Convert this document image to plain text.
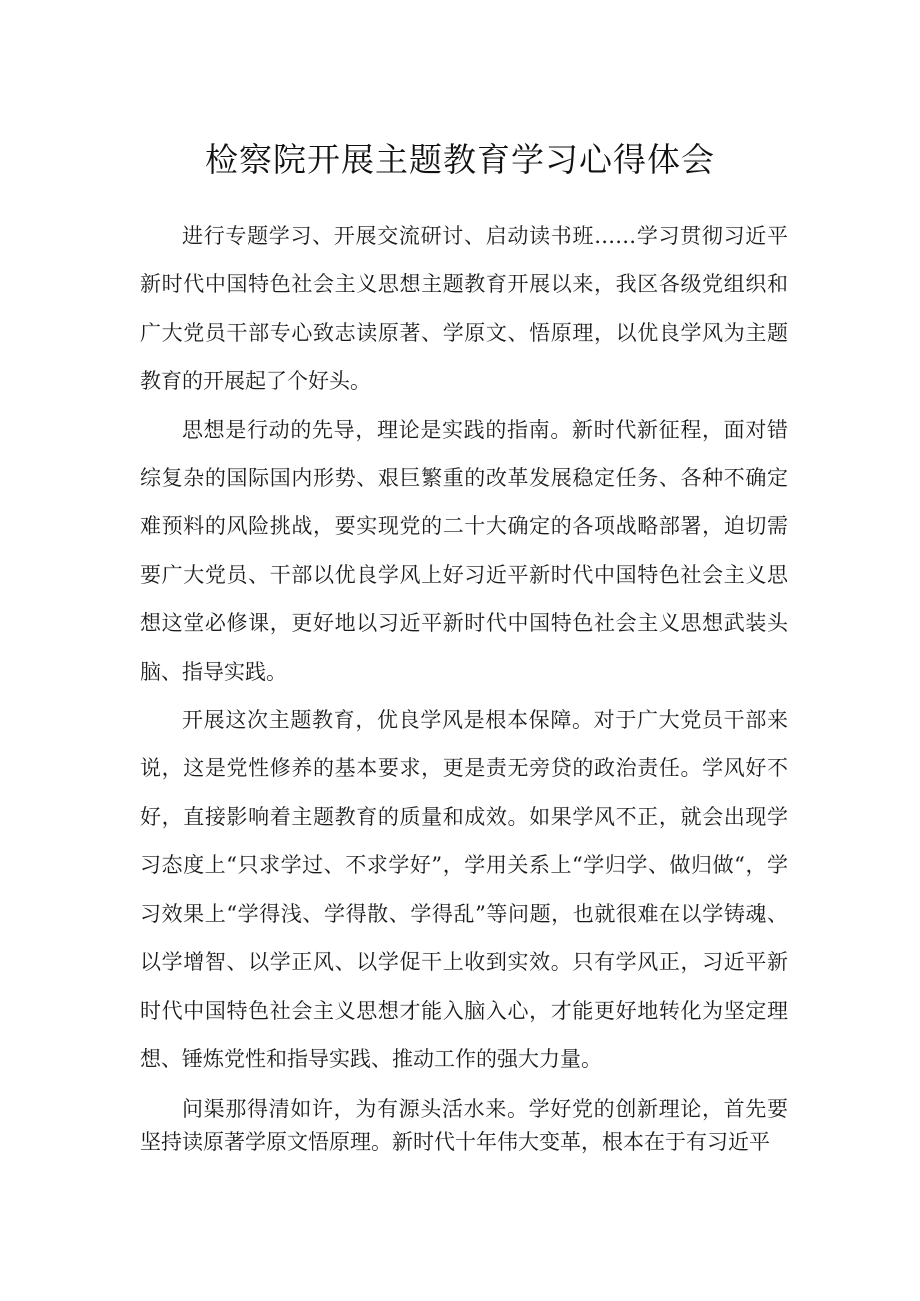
检察院开展主题教育学习心得体会

进行专题学习、开展交流研讨、启动读书班……学习贯彻习近平新时代中国特色社会主义思想主题教育开展以来，我区各级党组织和广大党员干部专心致志读原著、学原文、悟原理，以优良学风为主题教育的开展起了个好头。

思想是行动的先导，理论是实践的指南。新时代新征程，面对错综复杂的国际国内形势、艰巨繁重的改革发展稳定任务、各种不确定难预料的风险挑战，要实现党的二十大确定的各项战略部署，迫切需要广大党员、干部以优良学风上好习近平新时代中国特色社会主义思想这堂必修课，更好地以习近平新时代中国特色社会主义思想武装头脑、指导实践。

开展这次主题教育，优良学风是根本保障。对于广大党员干部来说，这是党性修养的基本要求，更是责无旁贷的政治责任。学风好不好，直接影响着主题教育的质量和成效。如果学风不正，就会出现学习态度上“只求学过、不求学好”，学用关系上“学归学、做归做“，学习效果上“学得浅、学得散、学得乱”等问题，也就很难在以学铸魂、以学增智、以学正风、以学促干上收到实效。只有学风正，习近平新时代中国特色社会主义思想才能入脑入心，才能更好地转化为坚定理想、锤炼党性和指导实践、推动工作的强大力量。

问渠那得清如许，为有源头活水来。学好党的创新理论，首先要坚持读原著学原文悟原理。新时代十年伟大变革，根本在于有习近平
